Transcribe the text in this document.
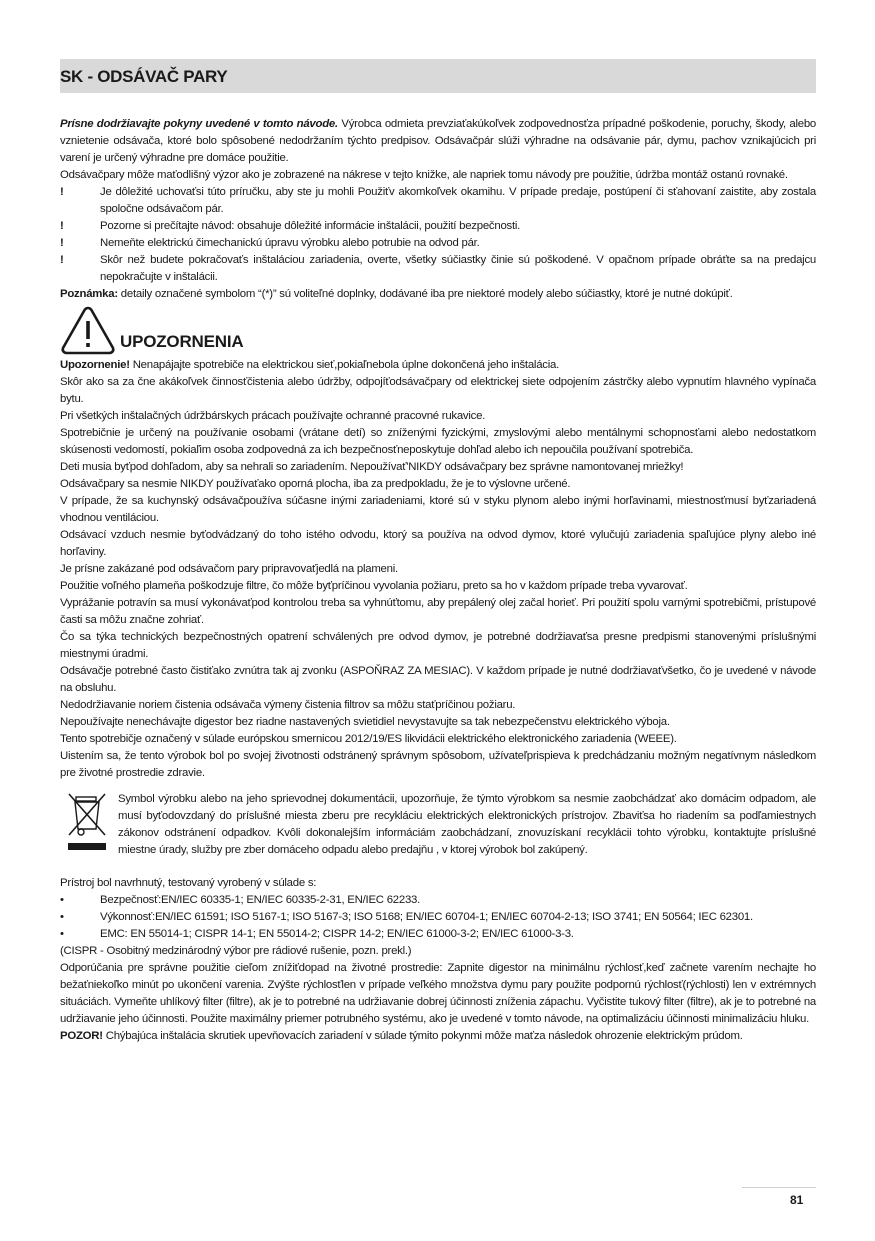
SK - ODSÁVAČ PARY

Prísne dodržiavajte pokyny uvedené v tomto návode. Výrobca odmieta prevziaťakúkoľvek zodpovednosťza prípadné poškodenie, poruchy, škody, alebo vznietenie odsávača, ktoré bolo spôsobené nedodržaním týchto predpisov. Odsávačpár slúži výhradne na odsávanie pár, dymu, pachov vznikajúcich pri varení je určený výhradne pre domáce použitie.

Odsávačpary môže maťodlišný výzor ako je zobrazené na nákrese v tejto knižke, ale napriek tomu návody pre použitie, údržba montáž ostanú rovnaké.

!	Je dôležité uchovaťsi túto príručku, aby ste ju mohli Použiťv akomkoľvek okamihu. V prípade predaje, postúpení či sťahovaní zaistite, aby zostala spoločne odsávačom pár.
!	Pozorne si prečítajte návod: obsahuje dôležité informácie inštalácii, použití bezpečnosti.
!	Nemeňte elektrickú čimechanickú úpravu výrobku alebo potrubie na odvod pár.
!	Skôr než budete pokračovaťs inštaláciou zariadenia, overte, všetky súčiastky činie sú poškodené. V opačnom prípade obráťte sa na predajcu nepokračujte v inštalácii.

Poznámka: detaily označené symbolom “(*)” sú voliteľné doplnky, dodávané iba pre niektoré modely alebo súčiastky, ktoré je nutné dokúpiť.

UPOZORNENIA

Upozornenie! Nenapájajte spotrebiče na elektrickou sieť,pokiaľnebola úplne dokončená jeho inštalácia.

Skôr ako sa za čne akákoľvek činnosťčistenia alebo údržby, odpojíťodsávačpary od elektrickej siete odpojením zástrčky alebo vypnutím hlavného vypínača bytu.

Pri všetkých inštalačných údržbárskych prácach používajte ochranné pracovné rukavice.

Spotrebičnie je určený na používanie osobami (vrátane detí) so zníženými fyzickými, zmyslovými alebo mentálnymi schopnosťami alebo nedostatkom skúsenosti vedomostí, pokiaľim osoba zodpovedná za ich bezpečnosťneposkytuje dohľad alebo ich nepoučila používaní spotrebiča.

Deti musia byťpod dohľadom, aby sa nehrali so zariadením. Nepoužívať'NIKDY odsávačpary bez správne namontovanej mriežky!

Odsávačpary sa nesmie NIKDY používaťako oporná plocha, iba za predpokladu, že je to výslovne určené.

V prípade, že sa kuchynský odsávačpoužíva súčasne inými zariadeniami, ktoré sú v styku plynom alebo inými horľavinami, miestnosťmusí byťzariadená vhodnou ventiláciou.

Odsávací vzduch nesmie byťodvádzaný do toho istého odvodu, ktorý sa používa na odvod dymov, ktoré vylučujú zariadenia spaľujúce plyny alebo iné horľaviny.

Je prísne zakázané pod odsávačom pary pripravovaťjedlá na plameni.

Použitie voľného plameňa poškodzuje filtre, čo môže byťpríčinou vyvolania požiaru, preto sa ho v každom prípade treba vyvarovať.

Vyprážanie potravín sa musí vykonávaťpod kontrolou treba sa vyhnúťtomu, aby prepálený olej začal horieť. Pri použití spolu varnými spotrebičmi, prístupové časti sa môžu značne zohriať.

Čo sa týka technických bezpečnostných opatrení schválených pre odvod dymov, je potrebné dodržiavaťsa presne predpismi stanovenými príslušnými miestnymi úradmi.

Odsávačje potrebné často čistiťako zvnútra tak aj zvonku (ASPOŇRAZ ZA MESIAC). V každom prípade je nutné dodržiavaťvšetko, čo je uvedené v návode na obsluhu.

Nedodržiavanie noriem čistenia odsávača výmeny čistenia filtrov sa môžu staťpríčinou požiaru.

Nepoužívajte nenechávajte digestor bez riadne nastavených svietidiel nevystavujte sa tak nebezpečenstvu elektrického výboja.

Tento spotrebičje označený v súlade európskou smernicou 2012/19/ES likvidácii elektrického elektronického zariadenia (WEEE).

Uistením sa, že tento výrobok bol po svojej životnosti odstránený správnym spôsobom, užívateľprispieva k predchádzaniu možným negatívnym následkom pre životné prostredie zdravie.

Symbol výrobku alebo na jeho sprievodnej dokumentácii, upozorňuje, že týmto výrobkom sa nesmie zaobchádzať ako domácim odpadom, ale musí byťodovzdaný do príslušné miesta zberu pre recykláciu elektrických elektronických prístrojov. Zbaviťsa ho riadením sa podľamiestnych zákonov odstránení odpadkov. Kvôli dokonalejším informáciám zaobchádzaní, znovuzískaní recyklácii tohto výrobku, kontaktujte príslušné miestne úrady, služby pre zber domáceho odpadu alebo predajňu , v ktorej výrobok bol zakúpený.

Prístroj bol navrhnutý, testovaný vyrobený v súlade s:

•	Bezpečnosť:EN/IEC 60335-1; EN/IEC 60335-2-31, EN/IEC 62233.
•	Výkonnosť:EN/IEC 61591; ISO 5167-1; ISO 5167-3; ISO 5168; EN/IEC 60704-1; EN/IEC 60704-2-13; ISO 3741; EN 50564; IEC 62301.
•	EMC: EN 55014-1; CISPR 14-1; EN 55014-2; CISPR 14-2; EN/IEC 61000-3-2; EN/IEC 61000-3-3.

(CISPR - Osobitný medzinárodný výbor pre rádiové rušenie, pozn. prekl.)

Odporúčania pre správne použitie cieľom znížiťdopad na životné prostredie: Zapnite digestor na minimálnu rýchlosť,keď začnete varením nechajte ho bežaťniekoľko minút po ukončení varenia. Zvýšte rýchlosťlen v prípade veľkého množstva dymu pary použite podpornú rýchlosť(rýchlosti) len v extrémnych situáciách. Vymeňte uhlíkový filter (filtre), ak je to potrebné na udržiavanie dobrej účinnosti zníženia zápachu. Vyčistite tukový filter (filtre), ak je to potrebné na udržiavanie jeho účinnosti. Použite maximálny priemer potrubného systému, ako je uvedené v tomto návode, na optimalizáciu účinnosti minimalizáciu hluku.

POZOR! Chýbajúca inštalácia skrutiek upevňovacích zariadení v súlade týmito pokynmi môže maťza následok ohrozenie elektrickým prúdom.

81
